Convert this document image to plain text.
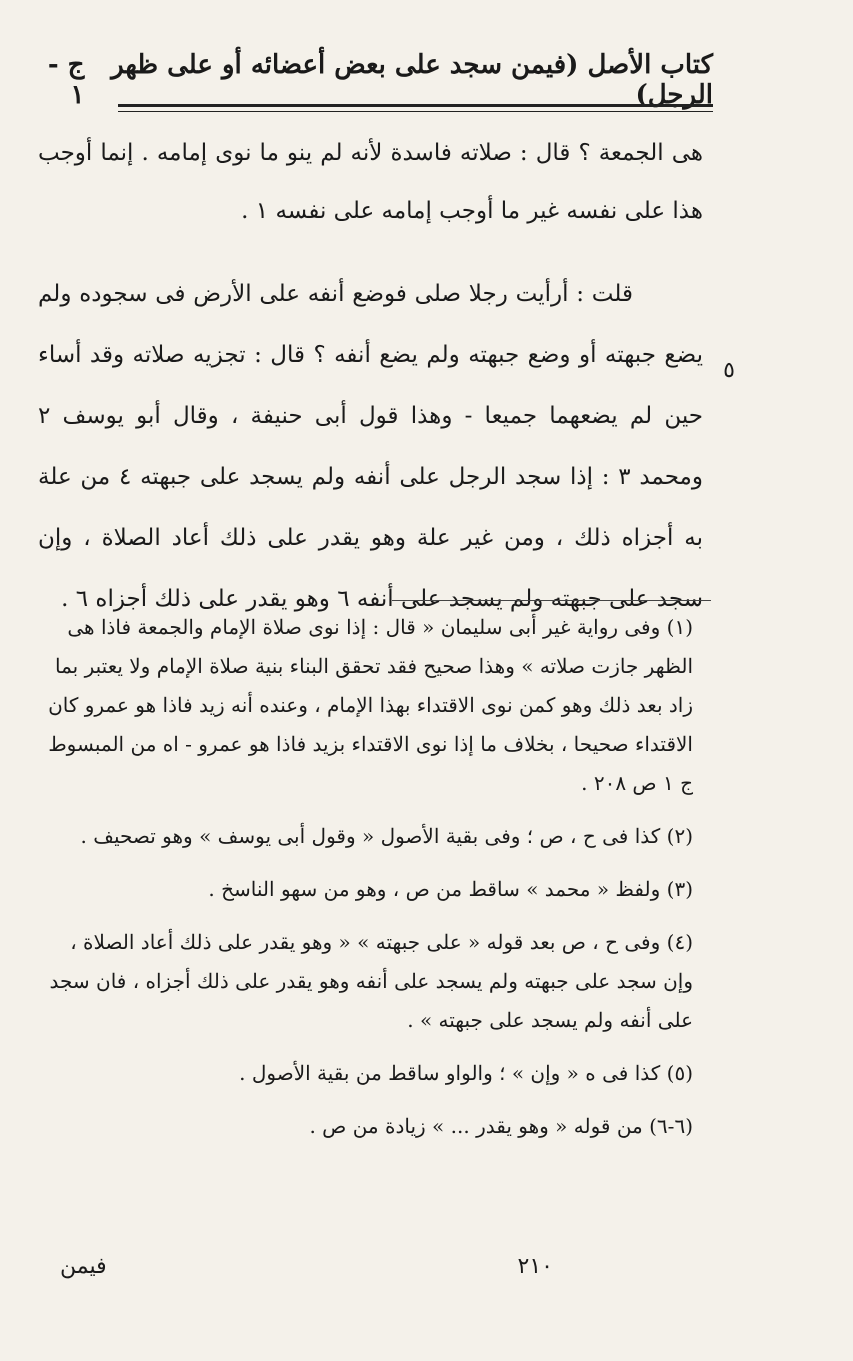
كتاب الأصل (فيمن سجد على بعض أعضائه أو على ظهر الرجل)
ج - ١

هى الجمعة ؟ قال : صلاته فاسدة لأنه لم ينو ما نوى إمامه . إنما أوجب هذا على نفسه غير ما أوجب إمامه على نفسه ١ .

قلت : أرأيت رجلا صلى فوضع أنفه على الأرض فى سجوده ولم يضع جبهته أو وضع جبهته ولم يضع أنفه ؟ قال : تجزيه صلاته وقد أساء حين لم يضعهما جميعا - وهذا قول أبى حنيفة ، وقال أبو يوسف ٢ ومحمد ٣ : إذا سجد الرجل على أنفه ولم يسجد على جبهته ٤ من علة به أجزاه ذلك ، ومن غير علة وهو يقدر على ذلك أعاد الصلاة ، وإن سجد على جبهته ولم يسجد على أنفه ٦ وهو يقدر على ذلك أجزاه ٦ .

٥

(١) وفى رواية غير أبى سليمان « قال : إذا نوى صلاة الإمام والجمعة فاذا هى الظهر جازت صلاته » وهذا صحيح فقد تحقق البناء بنية صلاة الإمام ولا يعتبر بما زاد بعد ذلك وهو كمن نوى الاقتداء بهذا الإمام ، وعنده أنه زيد فاذا هو عمرو كان الاقتداء صحيحا ، بخلاف ما إذا نوى الاقتداء بزيد فاذا هو عمرو - اه من المبسوط ج ١ ص ٢٠٨ .

(٢) كذا فى ح ، ص ؛ وفى بقية الأصول « وقول أبى يوسف » وهو تصحيف .

(٣) ولفظ « محمد » ساقط من ص ، وهو من سهو الناسخ .

(٤) وفى ح ، ص بعد قوله « على جبهته » « وهو يقدر على ذلك أعاد الصلاة ، وإن سجد على جبهته ولم يسجد على أنفه وهو يقدر على ذلك أجزاه ، فان سجد على أنفه ولم يسجد على جبهته » .

(٥) كذا فى ه « وإن » ؛ والواو ساقط من بقية الأصول .

(٦-٦) من قوله « وهو يقدر ... » زيادة من ص .

٢١٠
فيمن
